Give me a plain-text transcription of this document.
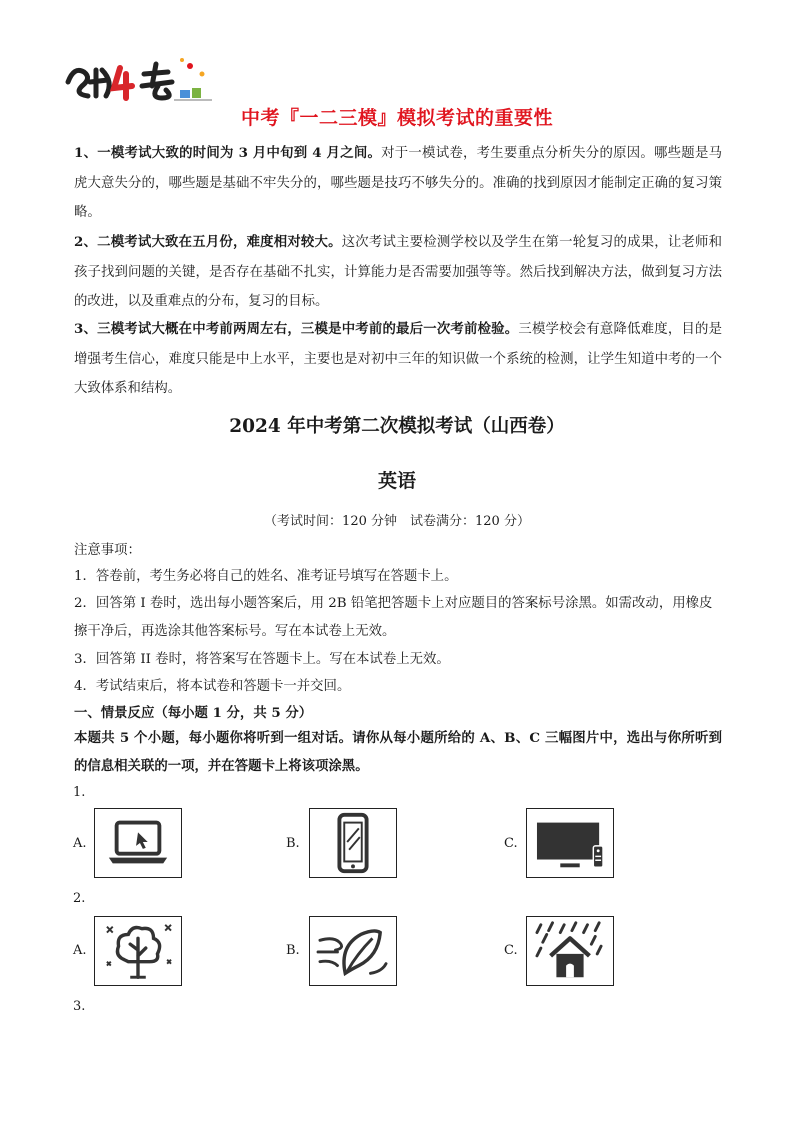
中考『一二三模』模拟考试的重要性
1、一模考试大致的时间为 3 月中旬到 4 月之间。对于一模试卷，考生要重点分析失分的原因。哪些题是马虎大意失分的，哪些题是基础不牢失分的，哪些题是技巧不够失分的。准确的找到原因才能制定正确的复习策略。
2、二模考试大致在五月份，难度相对较大。这次考试主要检测学校以及学生在第一轮复习的成果，让老师和孩子找到问题的关键，是否存在基础不扎实，计算能力是否需要加强等等。然后找到解决方法，做到复习方法的改进，以及重难点的分布，复习的目标。
3、三模考试大概在中考前两周左右，三模是中考前的最后一次考前检验。三模学校会有意降低难度，目的是增强考生信心，难度只能是中上水平，主要也是对初中三年的知识做一个系统的检测，让学生知道中考的一个大致体系和结构。
2024 年中考第二次模拟考试（山西卷）
英语
（考试时间：120 分钟　试卷满分：120 分）
注意事项：
1．答卷前，考生务必将自己的姓名、准考证号填写在答题卡上。
2．回答第 I 卷时，选出每小题答案后，用 2B 铅笔把答题卡上对应题目的答案标号涂黑。如需改动，用橡皮擦干净后，再选涂其他答案标号。写在本试卷上无效。
3．回答第 II 卷时，将答案写在答题卡上。写在本试卷上无效。
4．考试结束后，将本试卷和答题卡一并交回。
一、情景反应（每小题 1 分，共 5 分）
本题共 5 个小题，每小题你将听到一组对话。请你从每小题所给的 A、B、C 三幅图片中，选出与你所听到的信息相关联的一项，并在答题卡上将该项涂黑。
1.
A.	B.	C.
2.
A.	B.	C.
3.
